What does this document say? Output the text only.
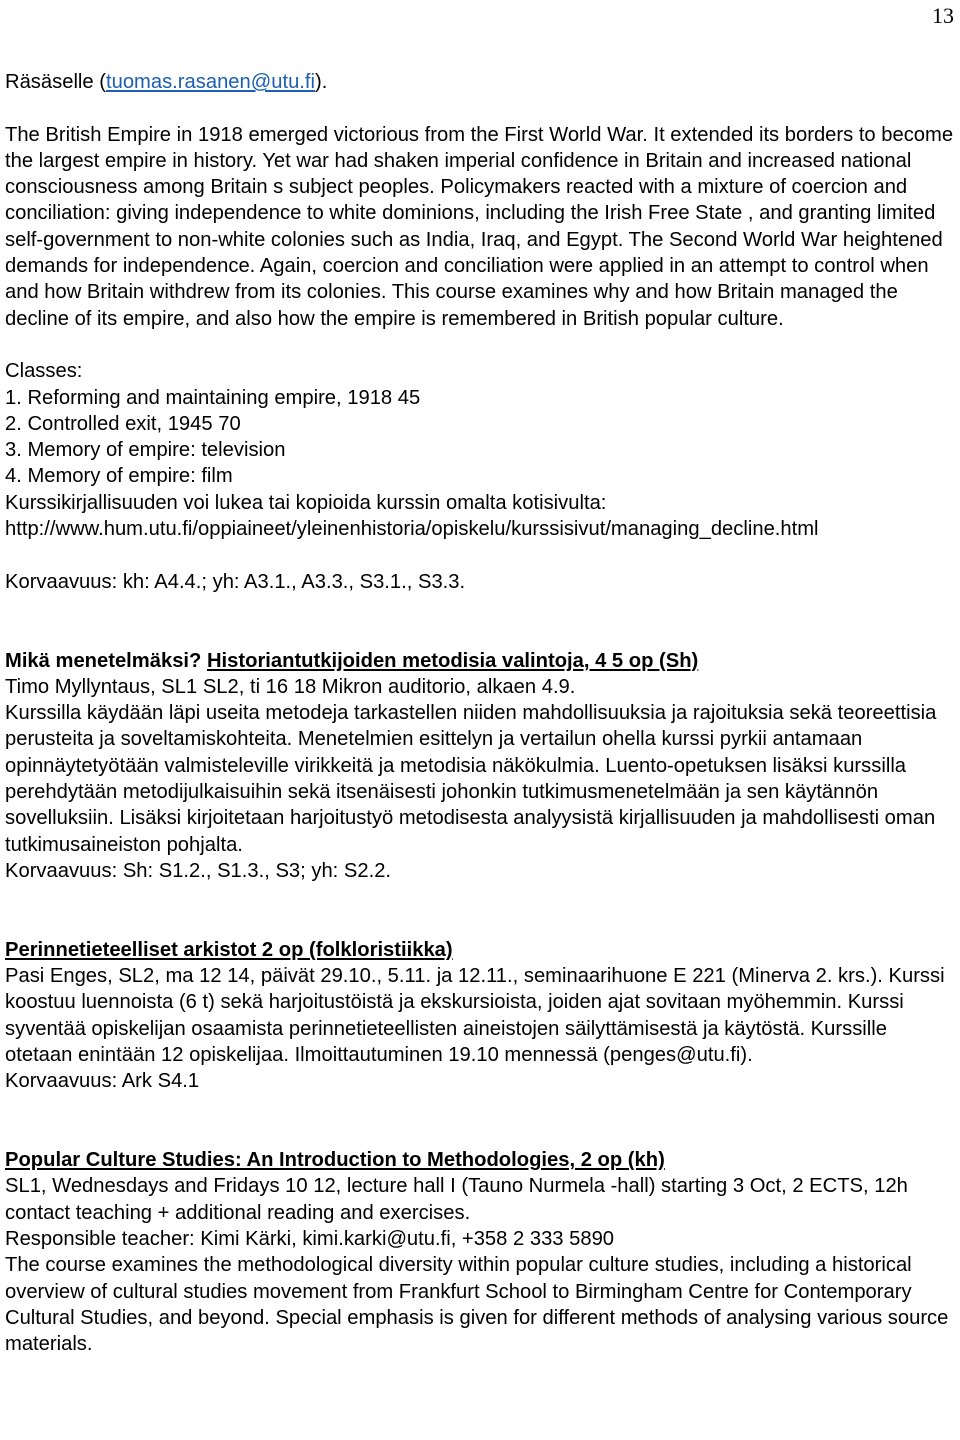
13

Räsäselle (tuomas.rasanen@utu.fi).

The British Empire in 1918 emerged victorious from the First World War. It extended its borders to become the largest empire in history. Yet war had shaken imperial confidence in Britain and increased national consciousness among Britain s subject peoples. Policymakers reacted with a mixture of coercion and conciliation: giving independence to white dominions, including the Irish Free State , and granting limited self-government to non-white colonies such as India, Iraq, and Egypt. The Second World War heightened demands for independence. Again, coercion and conciliation were applied in an attempt to control when and how Britain withdrew from its colonies. This course examines why and how Britain managed the decline of its empire, and also how the empire is remembered in British popular culture.

Classes:

1. Reforming and maintaining empire, 1918 45

2. Controlled exit, 1945 70

3. Memory of empire: television

4. Memory of empire: film

Kurssikirjallisuuden voi lukea tai kopioida kurssin omalta kotisivulta:

http://www.hum.utu.fi/oppiaineet/yleinenhistoria/opiskelu/kurssisivut/managing_decline.html

Korvaavuus: kh: A4.4.; yh: A3.1., A3.3., S3.1., S3.3.

Mikä menetelmäksi? Historiantutkijoiden metodisia valintoja, 4 5 op (Sh)

Timo Myllyntaus, SL1 SL2, ti 16 18 Mikron auditorio, alkaen 4.9.

Kurssilla käydään läpi useita metodeja tarkastellen niiden mahdollisuuksia ja rajoituksia sekä teoreettisia perusteita ja soveltamiskohteita. Menetelmien esittelyn ja vertailun ohella kurssi pyrkii antamaan opinnäytetyötään valmisteleville virikkeitä ja metodisia näkökulmia. Luento-opetuksen lisäksi kurssilla perehdytään metodijulkaisuihin sekä itsenäisesti johonkin tutkimusmenetelmään ja sen käytännön sovelluksiin. Lisäksi kirjoitetaan harjoitustyö metodisesta analyysistä kirjallisuuden ja mahdollisesti oman tutkimusaineiston pohjalta.

Korvaavuus: Sh: S1.2., S1.3., S3; yh: S2.2.

Perinnetieteelliset arkistot 2 op (folkloristiikka)

Pasi Enges, SL2, ma 12 14, päivät 29.10., 5.11. ja 12.11., seminaarihuone E 221 (Minerva 2. krs.). Kurssi koostuu luennoista (6 t) sekä harjoitustöistä ja ekskursioista, joiden ajat sovitaan myöhemmin. Kurssi syventää opiskelijan osaamista perinnetieteellisten aineistojen säilyttämisestä ja käytöstä. Kurssille otetaan enintään 12 opiskelijaa. Ilmoittautuminen 19.10 mennessä (penges@utu.fi).

Korvaavuus: Ark S4.1

Popular Culture Studies: An Introduction to Methodologies, 2 op (kh)

SL1, Wednesdays and Fridays 10 12, lecture hall I (Tauno Nurmela -hall) starting 3 Oct, 2 ECTS, 12h contact teaching + additional reading and exercises.

Responsible teacher: Kimi Kärki, kimi.karki@utu.fi, +358 2 333 5890

The course examines the methodological diversity within popular culture studies, including a historical overview of cultural studies movement from Frankfurt School to Birmingham Centre for Contemporary Cultural Studies, and beyond. Special emphasis is given for different methods of analysing various source materials.
